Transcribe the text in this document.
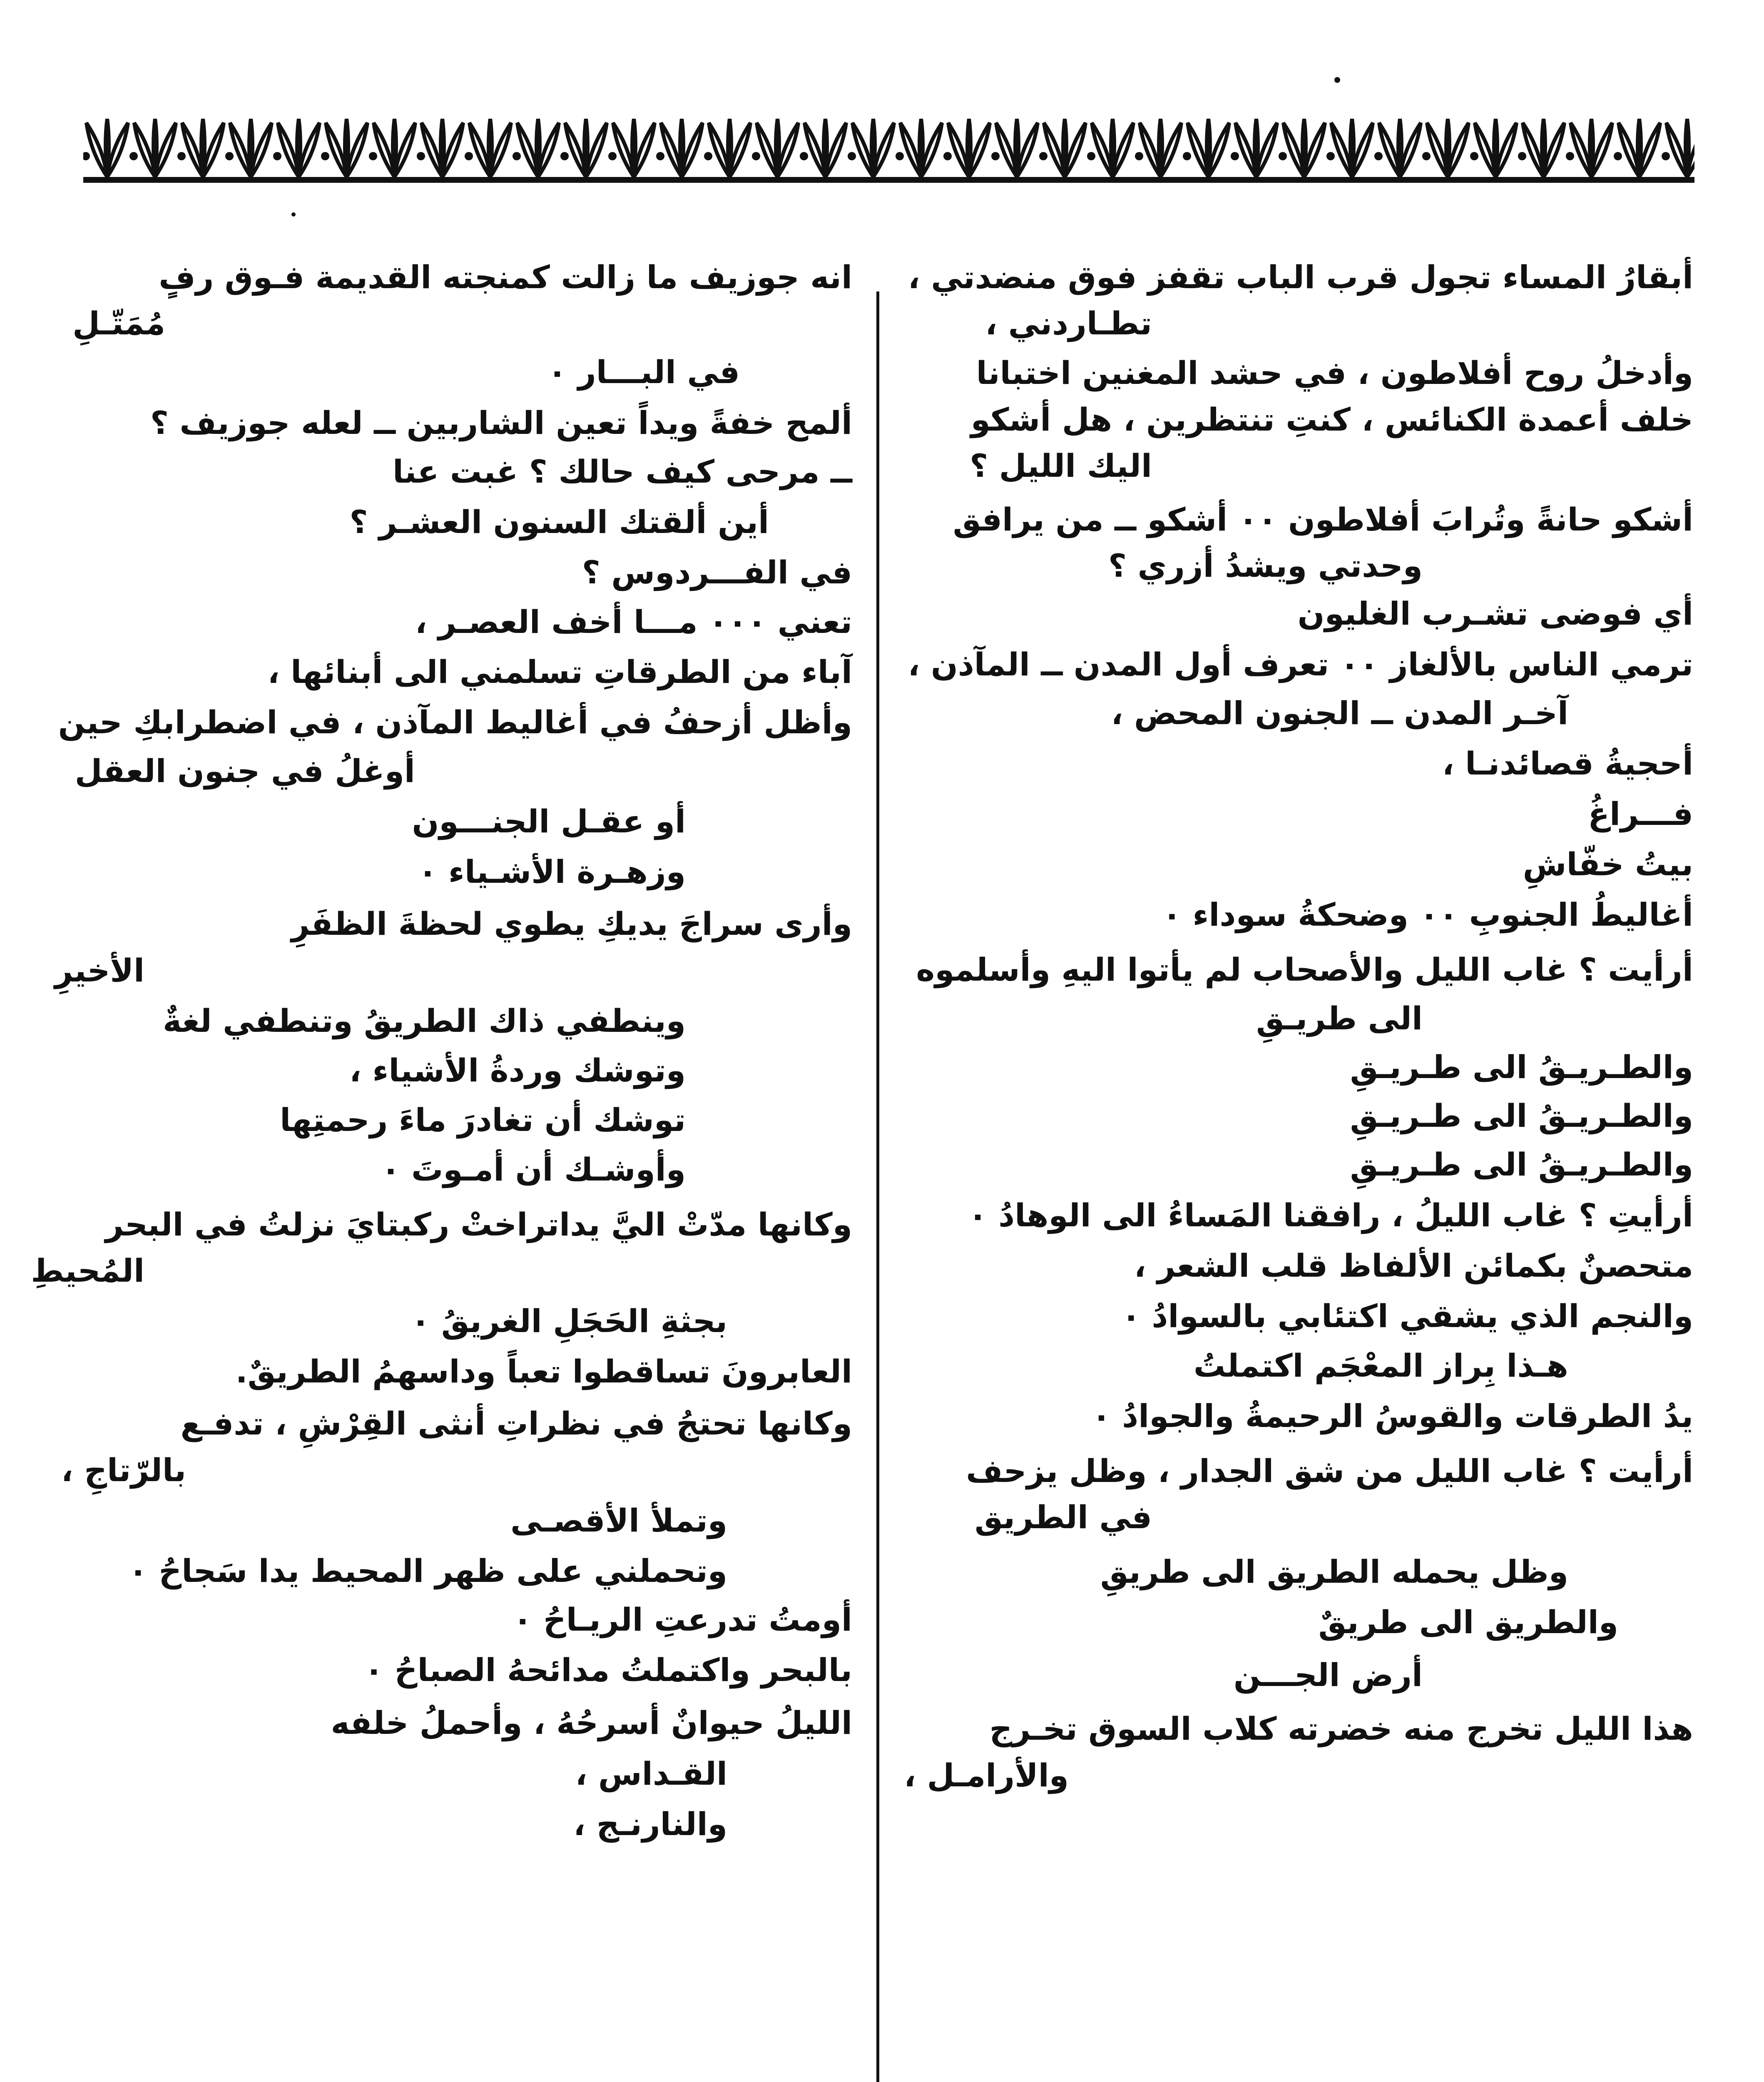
أبقارُ المساء تجول قرب الباب تقفز فوق منضدتي ،

تطـاردني ،

وأدخلُ روح أفلاطون ، في حشد المغنين اختبانا

خلف أعمدة الكنائس ، كنتِ تنتظرين ، هل أشكو

اليك الليل ؟

أشكو حانةً وتُرابَ أفلاطون ٠٠ أشكو ــ من يرافق

وحدتي ويشدُ أزري ؟

أي فوضى تشـرب الغليون

ترمي الناس بالألغاز ٠٠ تعرف أول المدن ــ المآذن ،

آخـر المدن ــ الجنون المحض ،

أحجيةُ قصائدنـا ،

فـــراغُ

بيتُ خفّاشِ

أغاليطُ الجنوبِ ٠٠ وضحكةُ سوداء ٠

أرأيت ؟ غاب الليل والأصحاب لم يأتوا اليهِ وأسلموه

الى طريـقِ

والطـريـقُ الى طـريـقِ

والطـريـقُ الى طـريـقِ

والطـريـقُ الى طـريـقِ

أرأيتِ ؟ غاب الليلُ ، رافقنا المَساءُ الى الوهادُ ٠

متحصنٌ بكمائن الألفاظ قلب الشعر ،

والنجم الذي يشقي اكتئابي بالسوادُ ٠

هـذا بِراز المعْجَم اكتملتُ

يدُ الطرقات والقوسُ الرحيمةُ والجوادُ ٠

أرأيت ؟ غاب الليل من شق الجدار ، وظل يزحف

في الطريق

وظل يحمله الطريق الى طريقِ

والطريق الى طريقٌ

أرض الجـــن

هذا الليل تخرج منه خضرته كلاب السوق تخـرج

والأرامـل ،

انه جوزيف ما زالت كمنجته القديمة فـوق رفٍ

مُمَتّـلِ

في البـــار ٠

ألمح خفةً ويداً تعين الشاربين ــ لعله جوزيف ؟

ــ مرحى كيف حالك ؟ غبت عنا

أين ألقتك السنون العشـر ؟

في الفـــردوس ؟

تعني ٠٠٠ مـــا أخف العصـر ،

آباء من الطرقاتِ تسلمني الى أبنائها ،

وأظل أزحفُ في أغاليط المآذن ، في اضطرابكِ حين

أوغلُ في جنون العقل

أو عقـل الجنـــون

وزهـرة الأشـياء ٠

وأرى سراجَ يديكِ يطوي لحظةَ الظفَرِ

الأخيرِ

وينطفي ذاك الطريقُ وتنطفي لغةٌ

وتوشك وردةُ الأشياء ،

توشك أن تغادرَ ماءَ رحمتِها

وأوشـك أن أمـوتَ ٠

وكانها مدّتْ اليَّ يداتراختْ ركبتايَ نزلتُ في البحر

المُحيطِ

بجثةِ الحَجَلِ الغريقُ ٠

العابرونَ تساقطوا تعباً وداسهمُ الطريقٌ.

وكانها تحتجُ في نظراتِ أنثى القِرْشِ ، تدفـع

بالرّتاجِ ،

وتملأ الأقصـى

وتحملني على ظهر المحيط يدا سَجاحُ ٠

أومتُ تدرعتِ الريـاحُ ٠

بالبحر واكتملتُ مدائحهُ الصباحُ ٠

الليلُ حيوانٌ أسرحُهُ ، وأحملُ خلفه

القـداس ،

والنارنـج ،
